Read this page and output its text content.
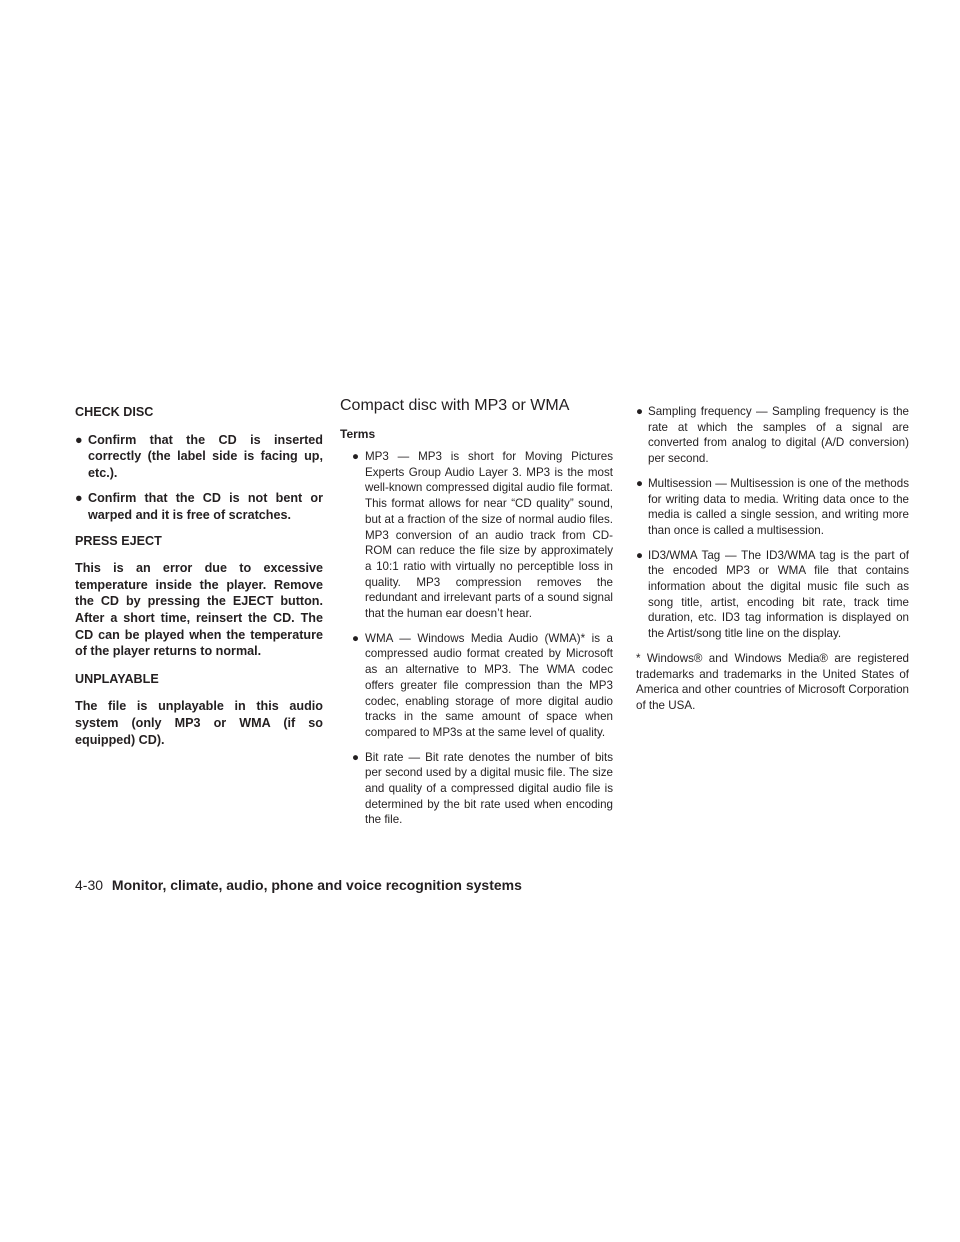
CHECK DISC
● Confirm that the CD is inserted correctly (the label side is facing up, etc.).
● Confirm that the CD is not bent or warped and it is free of scratches.
PRESS EJECT

This is an error due to excessive temperature inside the player. Remove the CD by pressing the EJECT button. After a short time, reinsert the CD. The CD can be played when the temperature of the player returns to normal.

UNPLAYABLE

The file is unplayable in this audio system (only MP3 or WMA (if so equipped) CD).

Compact disc with MP3 or WMA
Terms
● MP3 — MP3 is short for Moving Pictures Experts Group Audio Layer 3. MP3 is the most well-known compressed digital audio file format. This format allows for near “CD quality” sound, but at a fraction of the size of normal audio files. MP3 conversion of an audio track from CD-ROM can reduce the file size by approximately a 10:1 ratio with virtually no perceptible loss in quality. MP3 compression removes the redundant and irrelevant parts of a sound signal that the human ear doesn’t hear.
● WMA — Windows Media Audio (WMA)* is a compressed audio format created by Microsoft as an alternative to MP3. The WMA codec offers greater file compression than the MP3 codec, enabling storage of more digital audio tracks in the same amount of space when compared to MP3s at the same level of quality.
● Bit rate — Bit rate denotes the number of bits per second used by a digital music file. The size and quality of a compressed digital audio file is determined by the bit rate used when encoding the file.
● Sampling frequency — Sampling frequency is the rate at which the samples of a signal are converted from analog to digital (A/D conversion) per second.
● Multisession — Multisession is one of the methods for writing data to media. Writing data once to the media is called a single session, and writing more than once is called a multisession.
● ID3/WMA Tag — The ID3/WMA tag is the part of the encoded MP3 or WMA file that contains information about the digital music file such as song title, artist, encoding bit rate, track time duration, etc. ID3 tag information is displayed on the Artist/song title line on the display.

* Windows® and Windows Media® are registered trademarks and trademarks in the United States of America and other countries of Microsoft Corporation of the USA.

4-30 Monitor, climate, audio, phone and voice recognition systems
